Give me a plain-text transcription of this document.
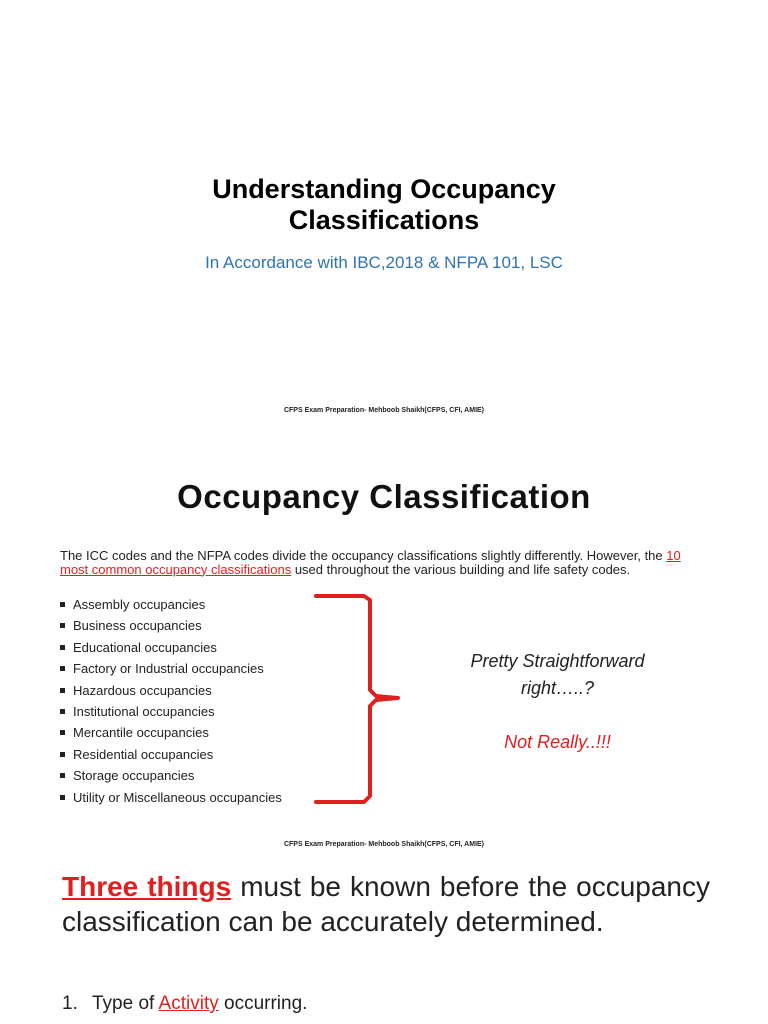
Understanding Occupancy
Classifications
In Accordance with IBC,2018 & NFPA 101, LSC
CFPS Exam Preparation- Mehboob Shaikh(CFPS, CFI, AMIE)
Occupancy Classification
The ICC codes and the NFPA codes divide the occupancy classifications slightly differently. However, the 10 most common occupancy classifications used throughout the various building and life safety codes.
Assembly occupancies
Business occupancies
Educational occupancies
Factory or Industrial occupancies
Hazardous occupancies
Institutional occupancies
Mercantile occupancies
Residential occupancies
Storage occupancies
Utility or Miscellaneous occupancies
Pretty Straightforward
right…..?
Not Really..!!!
CFPS Exam Preparation- Mehboob Shaikh(CFPS, CFI, AMIE)
Three things must be known before the occupancy classification can be accurately determined.
1. Type of Activity occurring.
